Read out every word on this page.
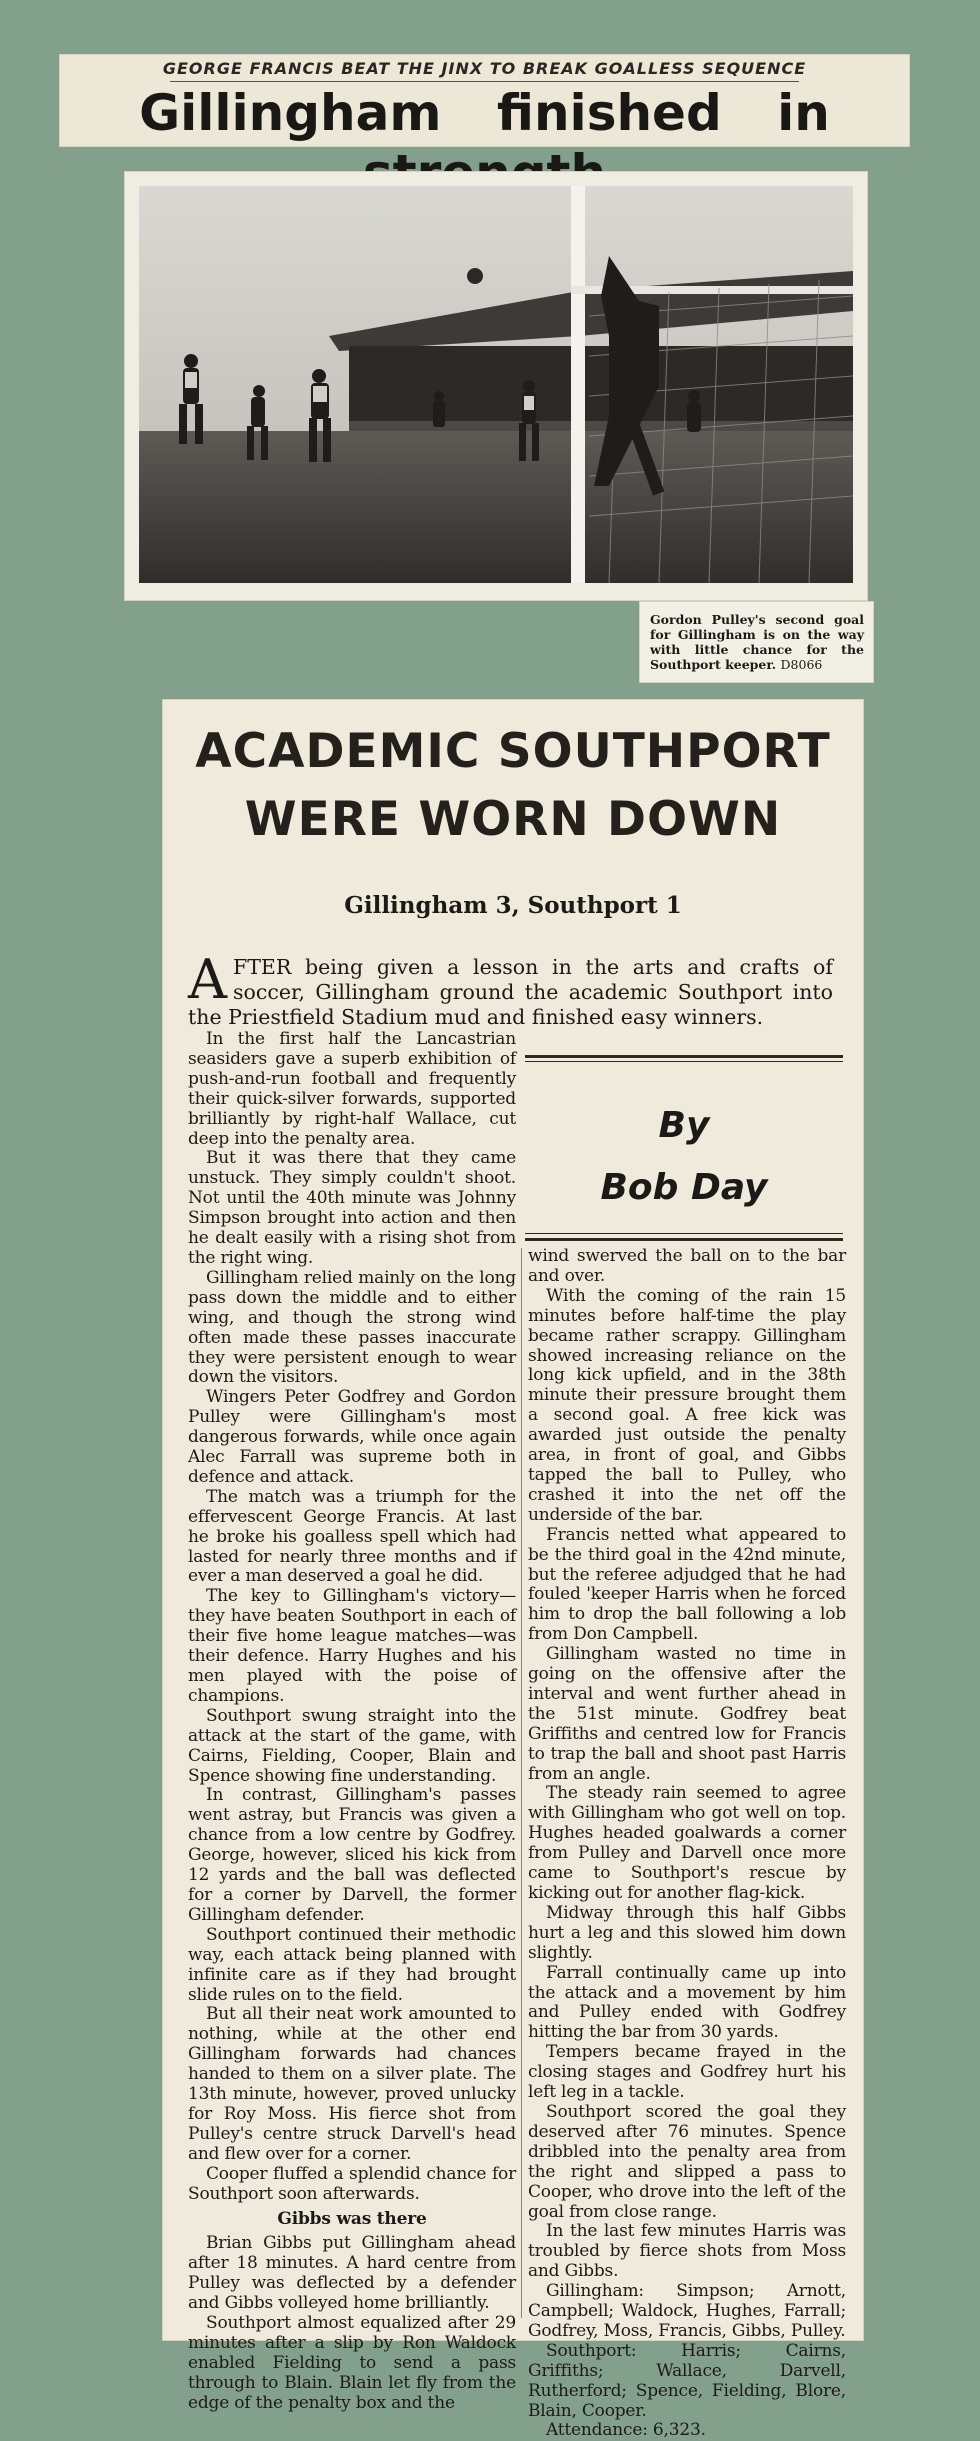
GEORGE FRANCIS BEAT THE JINX TO BREAK GOALLESS SEQUENCE
Gillingham finished in
Gordon Pulley's second goal for Gillingham is on the way with little chance for the Southport keeper. D8066
ACADEMIC SOUTHPORT
WERE WORN DOWN
Gillingham 3, Southport 1
A FTER being given a lesson in the arts and crafts of soccer, Gillingham ground the academic Southport into the Priestfield Stadium mud and finished easy winners.
By
Bob Day

In the first half the Lancastrian seasiders gave a superb exhibition of push-and-run football and frequently their quick-silver forwards, supported brilliantly by right-half Wallace, cut deep into the penalty area.

But it was there that they came unstuck. They simply couldn't shoot. Not until the 40th minute was Johnny Simpson brought into action and then he dealt easily with a rising shot from the right wing.

Gillingham relied mainly on the long pass down the middle and to either wing, and though the strong wind often made these passes inaccurate they were persistent enough to wear down the visitors.

Wingers Peter Godfrey and Gordon Pulley were Gillingham's most dangerous forwards, while once again Alec Farrall was supreme both in defence and attack.

The match was a triumph for the effervescent George Francis. At last he broke his goalless spell which had lasted for nearly three months and if ever a man deserved a goal he did.

The key to Gillingham's victory—they have beaten Southport in each of their five home league matches—was their defence. Harry Hughes and his men played with the poise of champions.

Southport swung straight into the attack at the start of the game, with Cairns, Fielding, Cooper, Blain and Spence showing fine understanding.

In contrast, Gillingham's passes went astray, but Francis was given a chance from a low centre by Godfrey. George, however, sliced his kick from 12 yards and the ball was deflected for a corner by Darvell, the former Gillingham defender.

Southport continued their methodic way, each attack being planned with infinite care as if they had brought slide rules on to the field.

But all their neat work amounted to nothing, while at the other end Gillingham forwards had chances handed to them on a silver plate. The 13th minute, however, proved unlucky for Roy Moss. His fierce shot from Pulley's centre struck Darvell's head and flew over for a corner.

Cooper fluffed a splendid chance for Southport soon afterwards.

Gibbs was there

Brian Gibbs put Gillingham ahead after 18 minutes. A hard centre from Pulley was deflected by a defender and Gibbs volleyed home brilliantly.

Southport almost equalized after 29 minutes after a slip by Ron Waldock enabled Fielding to send a pass through to Blain. Blain let fly from the edge of the penalty box and the

wind swerved the ball on to the bar and over.

With the coming of the rain 15 minutes before half-time the play became rather scrappy. Gillingham showed increasing reliance on the long kick upfield, and in the 38th minute their pressure brought them a second goal. A free kick was awarded just outside the penalty area, in front of goal, and Gibbs tapped the ball to Pulley, who crashed it into the net off the underside of the bar.

Francis netted what appeared to be the third goal in the 42nd minute, but the referee adjudged that he had fouled 'keeper Harris when he forced him to drop the ball following a lob from Don Campbell.

Gillingham wasted no time in going on the offensive after the interval and went further ahead in the 51st minute. Godfrey beat Griffiths and centred low for Francis to trap the ball and shoot past Harris from an angle.

The steady rain seemed to agree with Gillingham who got well on top. Hughes headed goalwards a corner from Pulley and Darvell once more came to Southport's rescue by kicking out for another flag-kick.

Midway through this half Gibbs hurt a leg and this slowed him down slightly.

Farrall continually came up into the attack and a movement by him and Pulley ended with Godfrey hitting the bar from 30 yards.

Tempers became frayed in the closing stages and Godfrey hurt his left leg in a tackle.

Southport scored the goal they deserved after 76 minutes. Spence dribbled into the penalty area from the right and slipped a pass to Cooper, who drove into the left of the goal from close range.

In the last few minutes Harris was troubled by fierce shots from Moss and Gibbs.

Gillingham: Simpson; Arnott, Campbell; Waldock, Hughes, Farrall; Godfrey, Moss, Francis, Gibbs, Pulley.

Southport: Harris; Cairns, Griffiths; Wallace, Darvell, Rutherford; Spence, Fielding, Blore, Blain, Cooper.

Attendance: 6,323.
